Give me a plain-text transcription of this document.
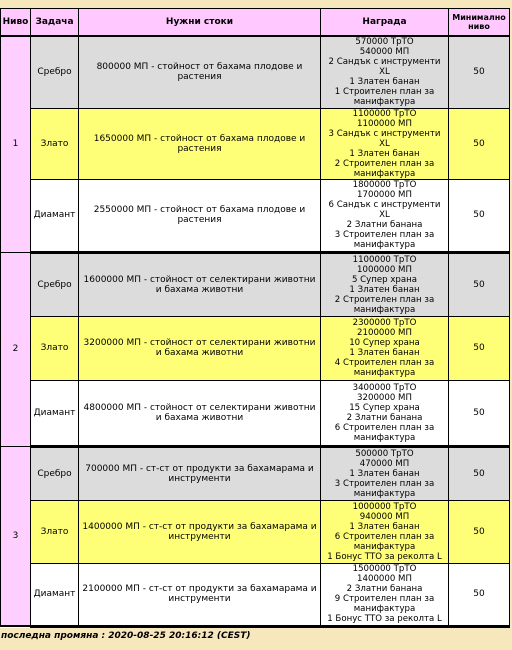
Ниво	Задача	Нужни стоки	Награда	Минимално ниво
1	Сребро	800000 МП - стойност от бахама плодове и растения	570000 ТрТО
540000 МП
2 Сандък с инструменти XL
1 Златен банан
1 Строителен план за манифактура	50
	Злато	1650000 МП - стойност от бахама плодове и растения	1100000 ТрТО
1100000 МП
3 Сандък с инструменти XL
1 Златен банан
2 Строителен план за манифактура	50
	Диамант	2550000 МП - стойност от бахама плодове и растения	1800000 ТрТО
1700000 МП
6 Сандък с инструменти XL
2 Златни банана
3 Строителен план за манифактура	50
2	Сребро	1600000 МП - стойност от селектирани животни и бахама животни	1100000 ТрТО
1000000 МП
5 Супер храна
1 Златен банан
2 Строителен план за манифактура	50
	Злато	3200000 МП - стойност от селектирани животни и бахама животни	2300000 ТрТО
2100000 МП
10 Супер храна
1 Златен банан
4 Строителен план за манифактура	50
	Диамант	4800000 МП - стойност от селектирани животни и бахама животни	3400000 ТрТО
3200000 МП
15 Супер храна
2 Златни банана
6 Строителен план за манифактура	50
3	Сребро	700000 МП - ст-ст от продукти за бахамарама и инструменти	500000 ТрТО
470000 МП
1 Златен банан
3 Строителен план за манифактура	50
	Злато	1400000 МП - ст-ст от продукти за бахамарама и инструменти	1000000 ТрТО
940000 МП
1 Златен банан
6 Строителен план за манифактура
1 Бонус ТТО за реколта L	50
	Диамант	2100000 МП - ст-ст от продукти за бахамарама и инструменти	1500000 ТрТО
1400000 МП
2 Златни банана
9 Строителен план за манифактура
1 Бонус ТТО за реколта L	50
последна промяна : 2020-08-25 20:16:12 (CEST)
